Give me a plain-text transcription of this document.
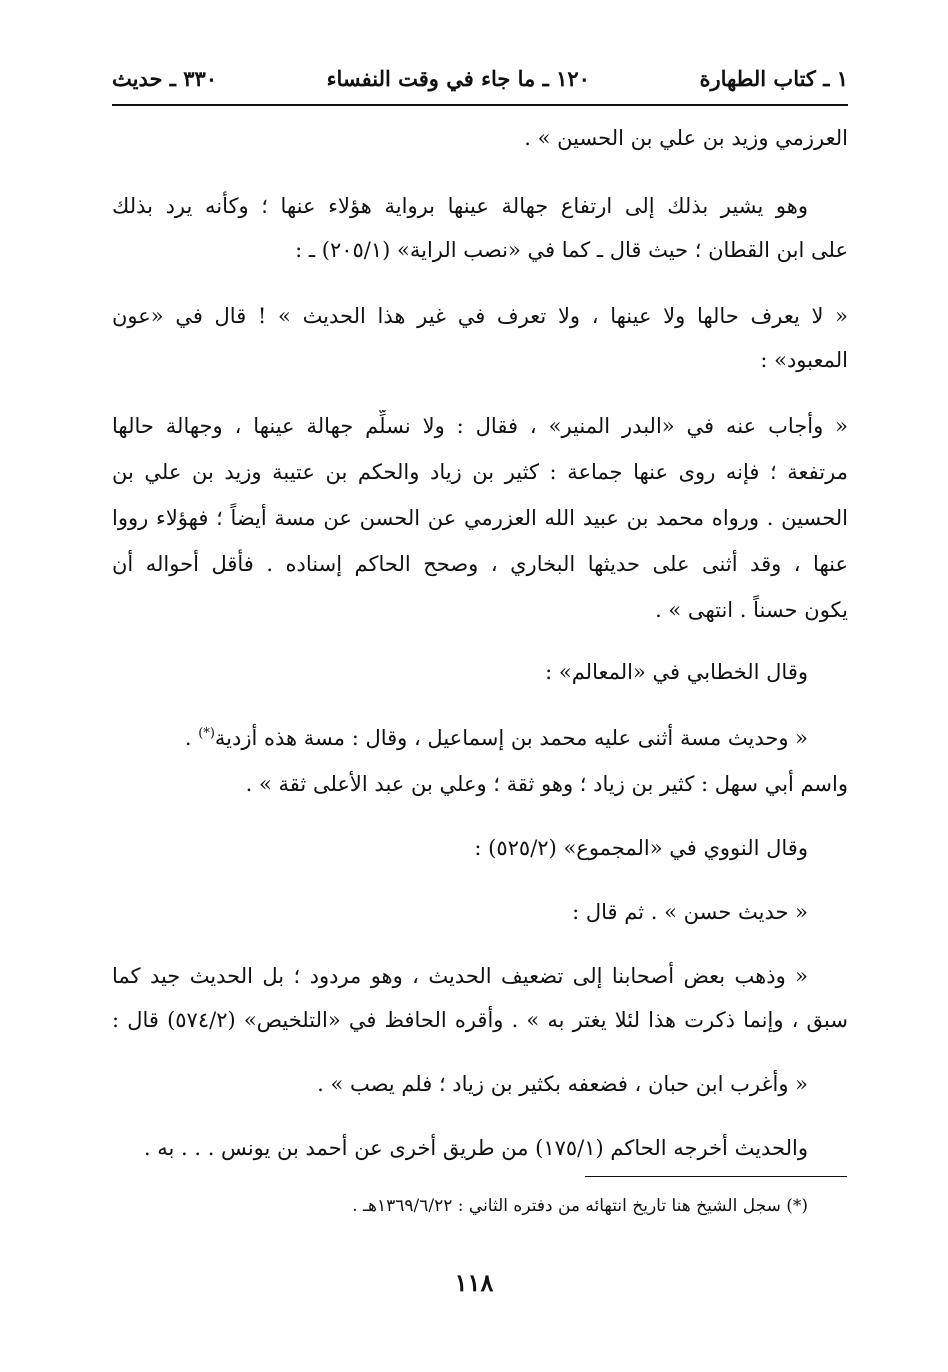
١ ـ كتاب الطهارة
١٢٠ ـ ما جاء في وقت النفساء
٣٣٠ ـ حديث
العرزمي وزيد بن علي بن الحسين » .
وهو يشير بذلك إلى ارتفاع جهالة عينها برواية هؤلاء عنها ؛ وكأنه يرد بذلك
على ابن القطان ؛ حيث قال ـ كما في «نصب الراية» (٢٠٥/١) ـ :
« لا يعرف حالها ولا عينها ، ولا تعرف في غير هذا الحديث » ! قال في «عون
المعبود» :
« وأجاب عنه في «البدر المنير» ، فقال : ولا نسلِّم جهالة عينها ، وجهالة حالها
مرتفعة ؛ فإنه روى عنها جماعة : كثير بن زياد والحكم بن عتيبة وزيد بن علي بن
الحسين . ورواه محمد بن عبيد الله العزرمي عن الحسن عن مسة أيضاً ؛ فهؤلاء رووا
عنها ، وقد أثنى على حديثها البخاري ، وصحح الحاكم إسناده . فأقل أحواله أن
يكون حسناً . انتهى » .
وقال الخطابي في «المعالم» :
« وحديث مسة أثنى عليه محمد بن إسماعيل ، وقال : مسة هذه أزدية(*) .
واسم أبي سهل : كثير بن زياد ؛ وهو ثقة ؛ وعلي بن عبد الأعلى ثقة » .
وقال النووي في «المجموع» (٥٢٥/٢) :
« حديث حسن » . ثم قال :
« وذهب بعض أصحابنا إلى تضعيف الحديث ، وهو مردود ؛ بل الحديث جيد كما
سبق ، وإنما ذكرت هذا لئلا يغتر به » . وأقره الحافظ في «التلخيص» (٥٧٤/٢) قال :
« وأغرب ابن حبان ، فضعفه بكثير بن زياد ؛ فلم يصب » .
والحديث أخرجه الحاكم (١٧٥/١) من طريق أخرى عن أحمد بن يونس . . . به .
(*) سجل الشيخ هنا تاريخ انتهائه من دفتره الثاني : ١٣٦٩/٦/٢٢هـ .
١١٨
